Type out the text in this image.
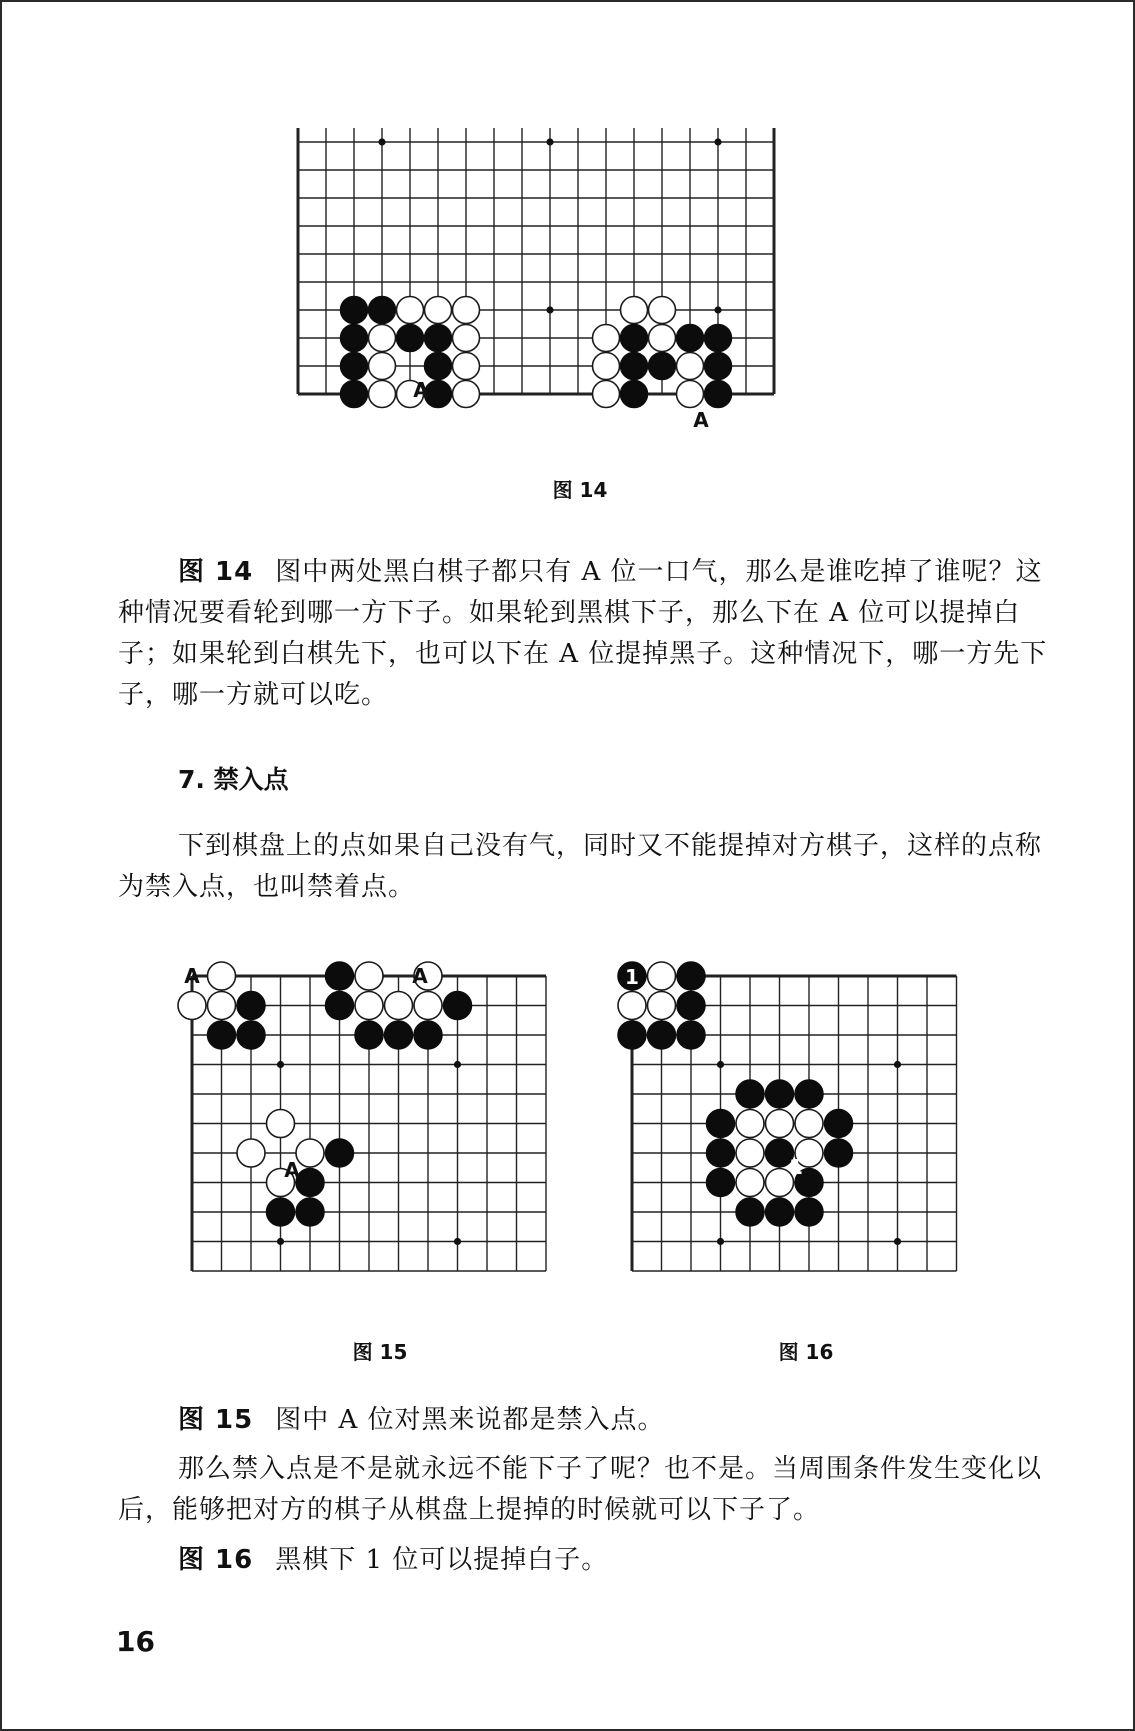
A
A
图 14

图 14 图中两处黑白棋子都只有 A 位一口气，那么是谁吃掉了谁呢？这种情况要看轮到哪一方下子。如果轮到黑棋下子，那么下在 A 位可以提掉白子；如果轮到白棋先下，也可以下在 A 位提掉黑子。这种情况下，哪一方先下子，哪一方就可以吃。

7. 禁入点

下到棋盘上的点如果自己没有气，同时又不能提掉对方棋子，这样的点称为禁入点，也叫禁着点。

A	A
A
图 15
1
1
图 16

图 15 图中 A 位对黑来说都是禁入点。

那么禁入点是不是就永远不能下子了呢？也不是。当周围条件发生变化以后，能够把对方的棋子从棋盘上提掉的时候就可以下子了。

图 16 黑棋下 1 位可以提掉白子。

16
